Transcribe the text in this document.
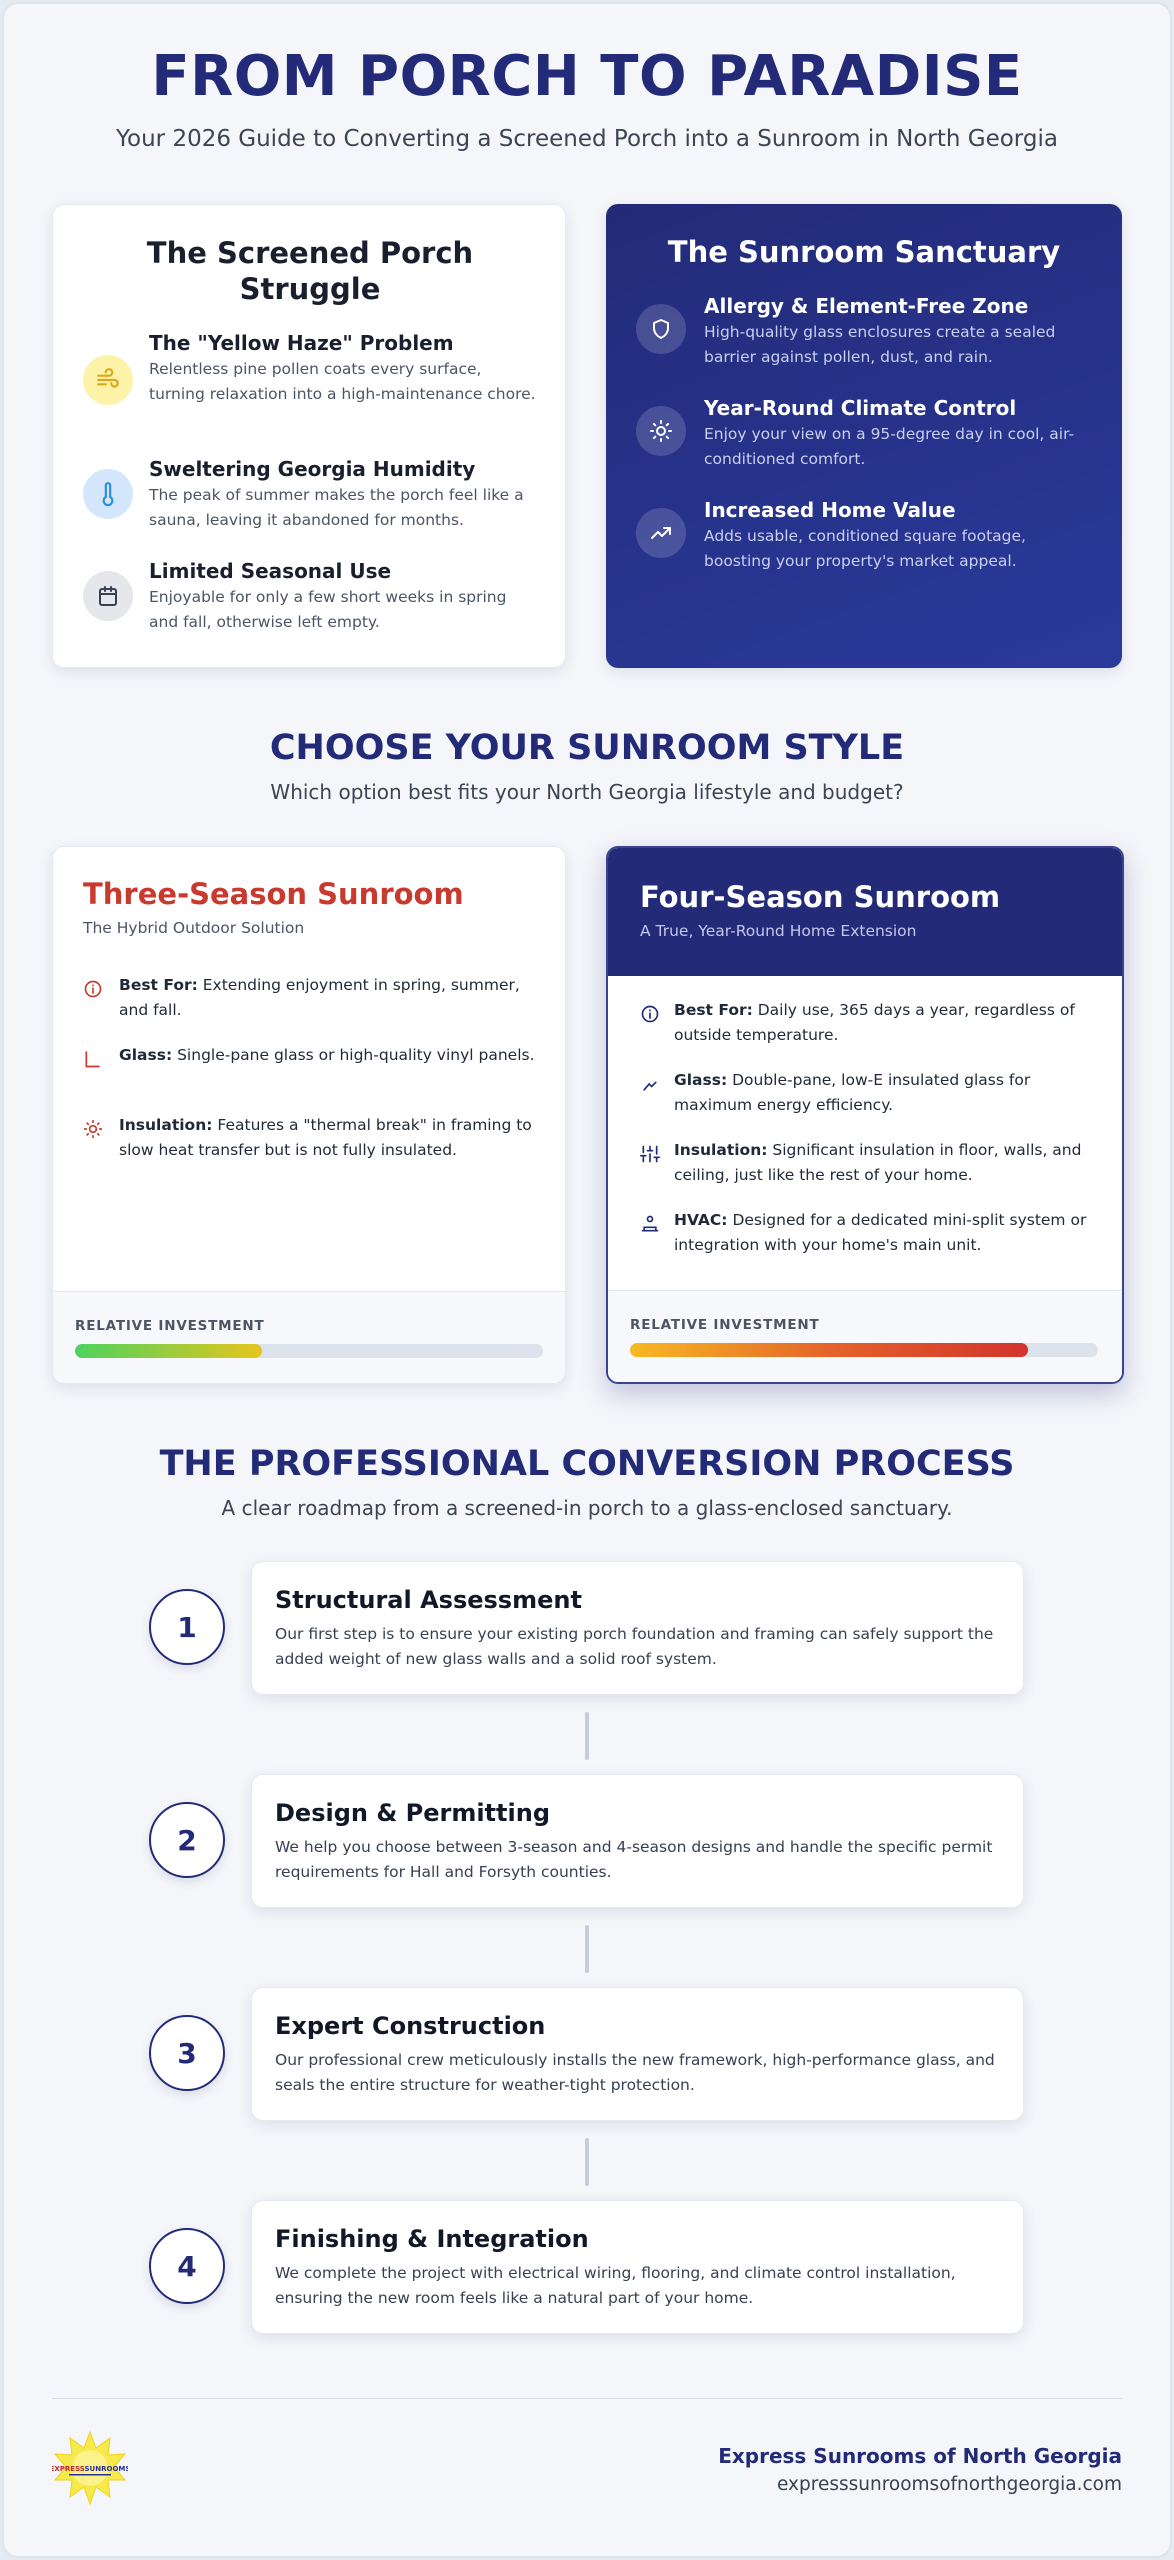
FROM PORCH TO PARADISE
Your 2026 Guide to Converting a Screened Porch into a Sunroom in North Georgia
The Screened Porch Struggle
The "Yellow Haze" Problem
Relentless pine pollen coats every surface, turning relaxation into a high-maintenance chore.
Sweltering Georgia Humidity
The peak of summer makes the porch feel like a sauna, leaving it abandoned for months.
Limited Seasonal Use
Enjoyable for only a few short weeks in spring and fall, otherwise left empty.
The Sunroom Sanctuary
Allergy & Element-Free Zone
High-quality glass enclosures create a sealed barrier against pollen, dust, and rain.
Year-Round Climate Control
Enjoy your view on a 95-degree day in cool, air-conditioned comfort.
Increased Home Value
Adds usable, conditioned square footage, boosting your property's market appeal.
CHOOSE YOUR SUNROOM STYLE
Which option best fits your North Georgia lifestyle and budget?
Three-Season Sunroom
The Hybrid Outdoor Solution
Best For: Extending enjoyment in spring, summer, and fall.
Glass: Single-pane glass or high-quality vinyl panels.
Insulation: Features a "thermal break" in framing to slow heat transfer but is not fully insulated.
RELATIVE INVESTMENT
Four-Season Sunroom
A True, Year-Round Home Extension
Best For: Daily use, 365 days a year, regardless of outside temperature.
Glass: Double-pane, low-E insulated glass for maximum energy efficiency.
Insulation: Significant insulation in floor, walls, and ceiling, just like the rest of your home.
HVAC: Designed for a dedicated mini-split system or integration with your home's main unit.
RELATIVE INVESTMENT
THE PROFESSIONAL CONVERSION PROCESS
A clear roadmap from a screened-in porch to a glass-enclosed sanctuary.
1
Structural Assessment
Our first step is to ensure your existing porch foundation and framing can safely support the added weight of new glass walls and a solid roof system.
2
Design & Permitting
We help you choose between 3-season and 4-season designs and handle the specific permit requirements for Hall and Forsyth counties.
3
Expert Construction
Our professional crew meticulously installs the new framework, high-performance glass, and seals the entire structure for weather-tight protection.
4
Finishing & Integration
We complete the project with electrical wiring, flooring, and climate control installation, ensuring the new room feels like a natural part of your home.
EXPRESSSUNROOMS
Express Sunrooms of North Georgia
expresssunroomsofnorthgeorgia.com
